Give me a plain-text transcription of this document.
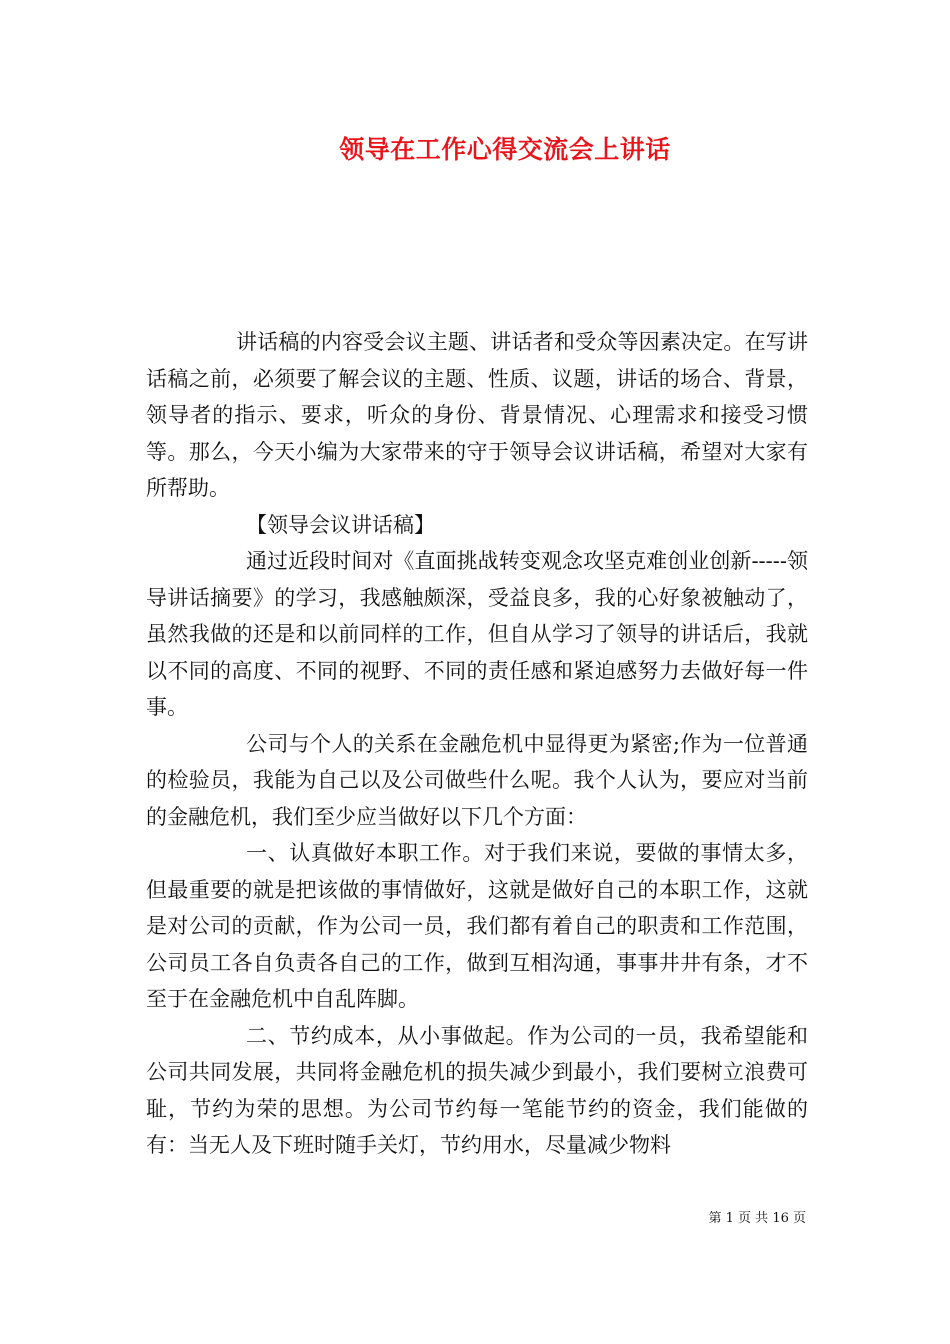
领导在工作心得交流会上讲话

讲话稿的内容受会议主题、讲话者和受众等因素决定。在写讲话稿之前，必须要了解会议的主题、性质、议题，讲话的场合、背景，领导者的指示、要求，听众的身份、背景情况、心理需求和接受习惯等。那么，今天小编为大家带来的守于领导会议讲话稿，希望对大家有所帮助。

【领导会议讲话稿】

通过近段时间对《直面挑战转变观念攻坚克难创业创新-----领导讲话摘要》的学习，我感触颇深，受益良多，我的心好象被触动了，虽然我做的还是和以前同样的工作，但自从学习了领导的讲话后，我就以不同的高度、不同的视野、不同的责任感和紧迫感努力去做好每一件事。

公司与个人的关系在金融危机中显得更为紧密;作为一位普通的检验员，我能为自己以及公司做些什么呢。我个人认为，要应对当前的金融危机，我们至少应当做好以下几个方面：

一、认真做好本职工作。对于我们来说，要做的事情太多，但最重要的就是把该做的事情做好，这就是做好自己的本职工作，这就是对公司的贡献，作为公司一员，我们都有着自己的职责和工作范围，公司员工各自负责各自己的工作，做到互相沟通，事事井井有条，才不至于在金融危机中自乱阵脚。

二、节约成本，从小事做起。作为公司的一员，我希望能和公司共同发展，共同将金融危机的损失减少到最小，我们要树立浪费可耻，节约为荣的思想。为公司节约每一笔能节约的资金，我们能做的有：当无人及下班时随手关灯，节约用水，尽量减少物料

第 1 页 共 16 页
